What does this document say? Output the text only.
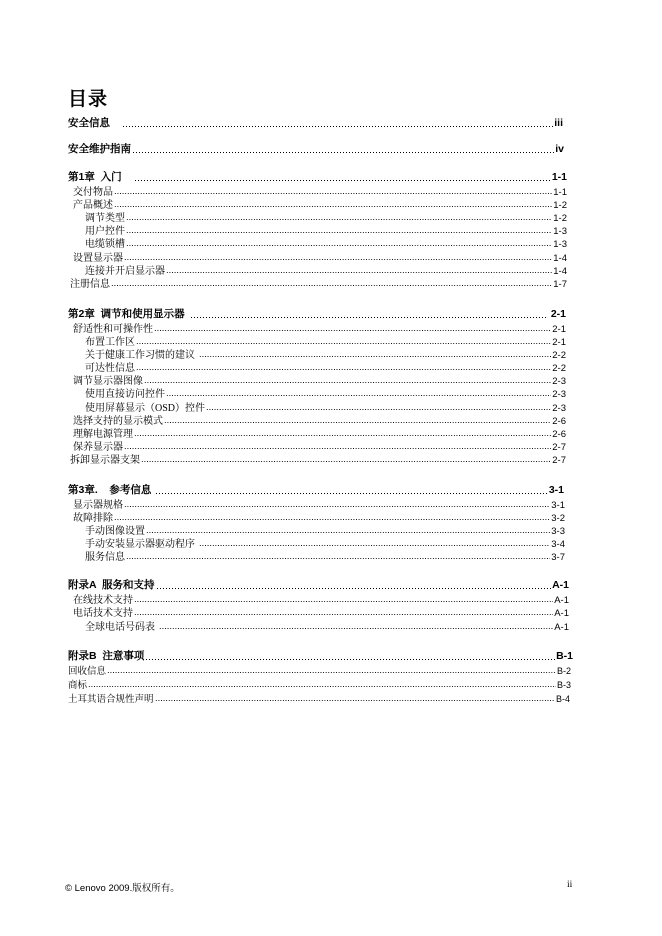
目录
安全信息	iii
安全维护指南	iv
第1章  入门	1-1
交付物品	1-1
产品概述	1-2
调节类型	1-2
用户控件	1-3
电缆锁槽	1-3
设置显示器	1-4
连接并开启显示器	1-4
注册信息	1-7
第2章  调节和使用显示器	2-1
舒适性和可操作性	2-1
布置工作区	2-1
关于健康工作习惯的建议	2-2
可达性信息	2-2
调节显示器图像	2-3
使用直接访问控件	2-3
使用屏幕显示（OSD）控件	2-3
选择支持的显示模式	2-6
理解电源管理	2-6
保养显示器	2-7
拆卸显示器支架	2-7
第3章.    参考信息	3-1
显示器规格	3-1
故障排除	3-2
手动图像设置	3-3
手动安装显示器驱动程序	3-4
服务信息	3-7
附录A  服务和支持	A-1
在线技术支持	A-1
电话技术支持	A-1
全球电话号码表	A-1
附录B  注意事项	B-1
回收信息	B-2
商标	B-3
土耳其语合规性声明	B-4
© Lenovo 2009.版权所有。	ii
